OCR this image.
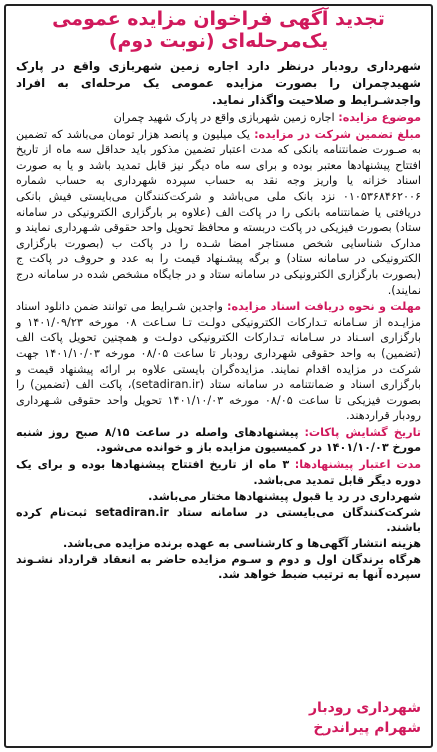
تجدید آگهی فراخوان مزایده عمومی
یک‌مرحله‌ای (نوبت دوم)

شهرداری رودبار درنظر دارد اجاره زمین شهربازی واقع در پارک شهیدچمران را بصورت مزایده عمومی یک مرحله‌ای به افراد واجدشـرایط و صلاحیت واگذار نماید.

موضوع مزایده: اجاره زمین شهربازی واقع در پارک شهید چمران

مبلغ تضمین شرکت در مزایده: یک میلیون و پانصد هزار تومان می‌باشد که تضمین به صـورت ضمانتنامه بانکی که مدت اعتبار تضمین مذکور باید حداقل سه ماه از تاریخ افتتاح پیشنهادها معتبر بوده و برای سه ماه دیگر نیز قابل تمدید باشد و یا به صورت اسناد خزانه یا واریز وجه نقد به حساب سپرده شهرداری به حساب شماره ۰۱۰۵۳۶۸۴۶۲۰۰۶ نزد بانک ملی می‌باشد و شرکت‌کنندگان می‌بایستی فیش بانکی دریافتی یا ضمانتنامه بانکی را در پاکت الف (علاوه بر بارگزاری الکترونیکی در سامانه ستاد) بصورت فیزیکی در پاکت دربسته و محافظ تحویل واحد حقوقی شـهرداری نمایند و مدارک شناسایی شخص مستاجر امضا شـده را در پاکت ب (بصورت بارگزاری الکترونیکی در سامانه ستاد) و برگه پیشـنهاد قیمت را به عدد و حروف در پاکت ج (بصورت بارگزاری الکترونیکی در سامانه ستاد و در جایگاه مشخص شده در سامانه درج نمایند).

مهلت و نحوه دریافت اسناد مزایده: واجدین شـرایط می توانند ضمن دانلود اسناد مزایـده از سـامانه تـدارکات الکترونیکی دولـت تـا سـاعت ۰۸ مورخه ۱۴۰۱/۰۹/۲۳ و بارگزاری اسـناد در سـامانه تـدارکات الکترونیکی دولـت و همچنین تحویل پاکت الف (تضمین) به واحد حقوقی شهرداری رودبار تا ساعت ۰۸/۰۵ مورخه ۱۴۰۱/۱۰/۰۳ جهت شرکت در مزایده اقدام نمایند. مزایده‌گران بایستی علاوه بر ارائه پیشنهاد قیمت و بارگزاری اسناد و ضمانتنامه در سامانه ستاد (setadiran.ir)، پاکت الف (تضمین) را بصورت فیزیکی تا ساعت ۰۸/۰۵ مورخه ۱۴۰۱/۱۰/۰۳ تحویل واحد حقوقی شـهرداری رودبار قراردهند.

تاریخ گشایش پاکات: پیشنهادهای واصله در ساعت ۸/۱۵ صبح روز شنبه مورخ ۱۴۰۱/۱۰/۰۳ در کمیسیون مزایده باز و خوانده می‌شود.

مدت اعتبار پیشنهادها: ۳ ماه از تاریخ افتتاح پیشنهادها بوده و برای یک دوره دیگر قابل تمدید می‌باشد.

شهرداری در رد یا قبول پیشنهادها مختار می‌باشد.

شرکت‌کنندگان می‌بایستی در سامانه ستاد setadiran.ir ثبت‌نام کرده باشند.

هزینه انتشار آگهی‌ها و کارشناسی به عهده برنده مزایده می‌باشد.

هرگاه برندگان اول و دوم و سـوم مزایده حاضر به انعقاد قرارداد نشـوند سپرده آنها به ترتیب ضبط خواهد شد.

شهرداری رودبار
شهرام پیراندرخ
